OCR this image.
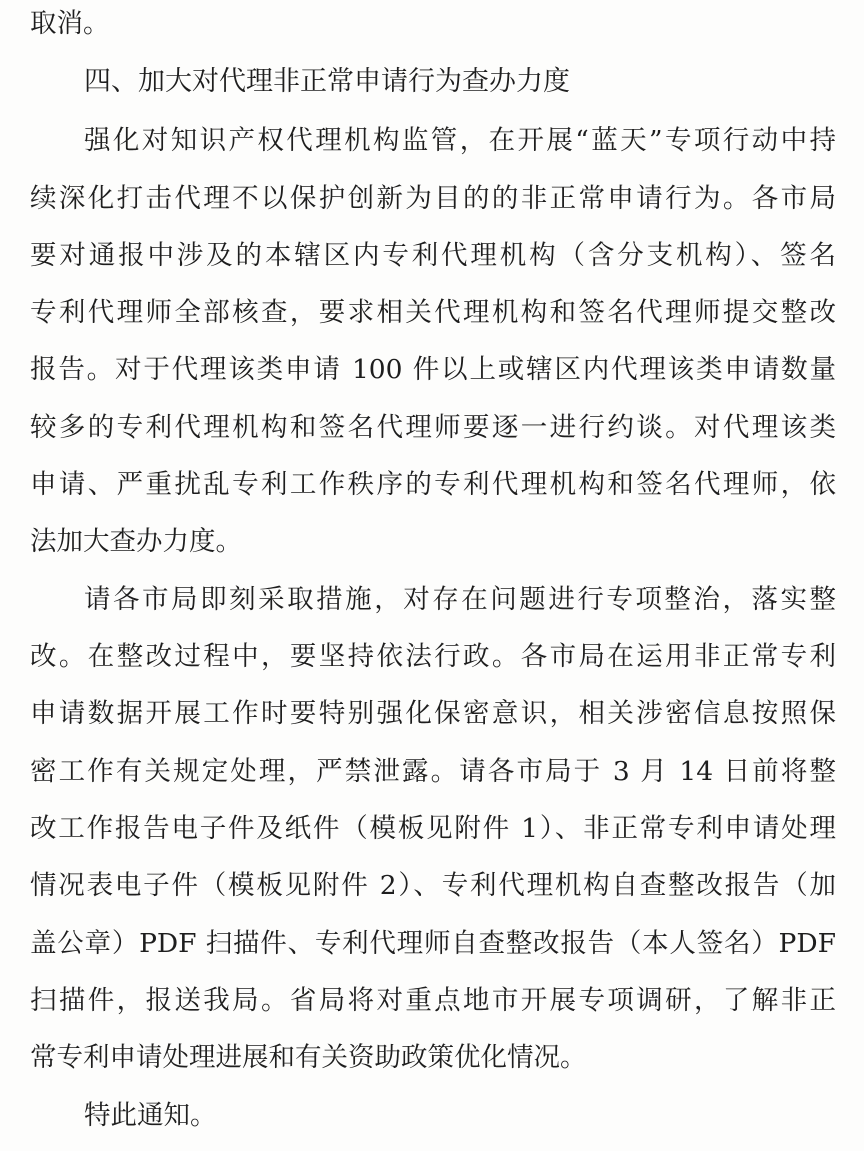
取消。
四、加大对代理非正常申请行为查办力度
强化对知识产权代理机构监管，在开展“蓝天”专项行动中持
续深化打击代理不以保护创新为目的的非正常申请行为。各市局
要对通报中涉及的本辖区内专利代理机构（含分支机构）、签名
专利代理师全部核查，要求相关代理机构和签名代理师提交整改
报告。对于代理该类申请 100 件以上或辖区内代理该类申请数量
较多的专利代理机构和签名代理师要逐一进行约谈。对代理该类
申请、严重扰乱专利工作秩序的专利代理机构和签名代理师，依
法加大查办力度。
请各市局即刻采取措施，对存在问题进行专项整治，落实整
改。在整改过程中，要坚持依法行政。各市局在运用非正常专利
申请数据开展工作时要特别强化保密意识，相关涉密信息按照保
密工作有关规定处理，严禁泄露。请各市局于 3 月 14 日前将整
改工作报告电子件及纸件（模板见附件 1）、非正常专利申请处理
情况表电子件（模板见附件 2）、专利代理机构自查整改报告（加
盖公章）PDF 扫描件、专利代理师自查整改报告（本人签名）PDF
扫描件，报送我局。省局将对重点地市开展专项调研，了解非正
常专利申请处理进展和有关资助政策优化情况。
特此通知。
